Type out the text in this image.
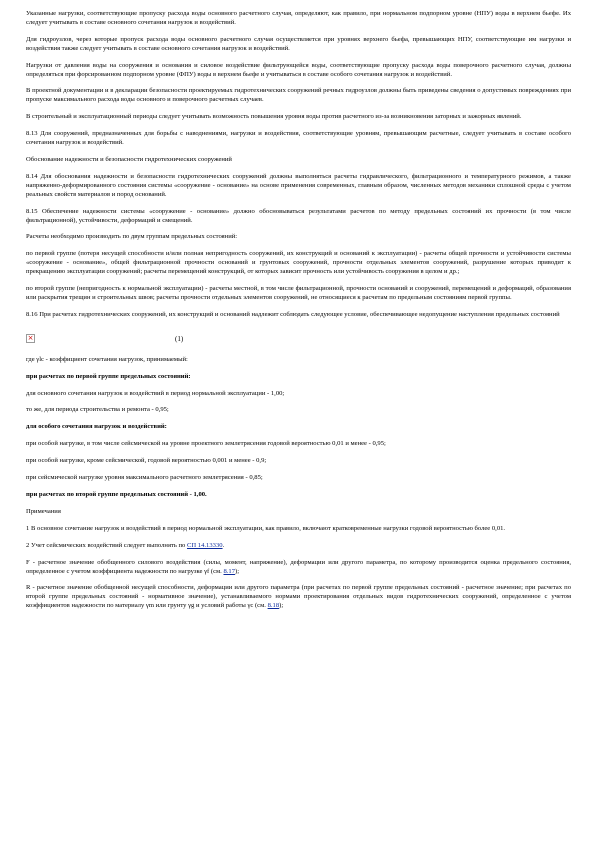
Указанные нагрузки, соответствующие пропуску расхода воды основного расчетного случая, определяют, как правило, при нормальном подпорном уровне (НПУ) воды в верхнем бьефе. Их следует учитывать в составе основного сочетания нагрузок и воздействий.

Для гидроузлов, через которые пропуск расхода воды основного расчетного случая осуществляется при уровнях верхнего бьефа, превышающих НПУ, соответствующие им нагрузки и воздействия также следует учитывать в составе основного сочетания нагрузок и воздействий.

Нагрузки от давления воды на сооружения и основания и силовое воздействие фильтрующейся воды, соответствующие пропуску расхода воды поверочного расчетного случая, должны определяться при форсированном подпорном уровне (ФПУ) воды в верхнем бьефе и учитываться в составе особого сочетания нагрузок и воздействий.

В проектной документации и в декларации безопасности проектируемых гидротехнических сооружений речных гидроузлов должны быть приведены сведения о допустимых повреждениях при пропуске максимального расхода воды основного и поверочного расчетных случаев.

В строительный и эксплуатационный периоды следует учитывать возможность повышения уровня воды против расчетного из-за возникновения заторных и зажорных явлений.

8.13 Для сооружений, предназначенных для борьбы с наводнениями, нагрузки и воздействия, соответствующие уровням, превышающим расчетные, следует учитывать в составе особого сочетания нагрузок и воздействий.

Обоснование надежности и безопасности гидротехнических сооружений

8.14 Для обоснования надежности и безопасности гидротехнических сооружений должны выполняться расчеты гидравлического, фильтрационного и температурного режимов, а также напряженно-деформированного состояния системы «сооружение - основание» на основе применения современных, главным образом, численных методов механики сплошной среды с учетом реальных свойств материалов и пород оснований.

8.15 Обеспечение надежности системы «сооружение - основание» должно обосновываться результатами расчетов по методу предельных состояний их прочности (в том числе фильтрационной), устойчивости, деформаций и смещений.

Расчеты необходимо производить по двум группам предельных состояний:

по первой группе (потеря несущей способности и/или полная непригодность сооружений, их конструкций и оснований к эксплуатации) - расчеты общей прочности и устойчивости системы «сооружение - основание», общей фильтрационной прочности оснований и грунтовых сооружений, прочности отдельных элементов сооружений, разрушение которых приводит к прекращению эксплуатации сооружений; расчеты перемещений конструкций, от которых зависит прочность или устойчивость сооружения в целом и др.;

по второй группе (непригодность к нормальной эксплуатации) - расчеты местной, в том числе фильтрационной, прочности оснований и сооружений, перемещений и деформаций, образования или раскрытия трещин и строительных швов; расчеты прочности отдельных элементов сооружений, не относящиеся к расчетам по предельным состояниям первой группы.

8.16 При расчетах гидротехнических сооружений, их конструкций и оснований надлежит соблюдать следующее условие, обеспечивающее недопущение наступления предельных состояний

×	(1)

где γlc - коэффициент сочетания нагрузок, принимаемый:

при расчетах по первой группе предельных состояний:

для основного сочетания нагрузок и воздействий в период нормальной эксплуатации - 1,00;

то же, для периода строительства и ремонта - 0,95;

для особого сочетания нагрузок и воздействий:

при особой нагрузке, в том числе сейсмической на уровне проектного землетрясения годовой вероятностью 0,01 и менее - 0,95;

при особой нагрузке, кроме сейсмической, годовой вероятностью 0,001 и менее - 0,9;

при сейсмической нагрузке уровня максимального расчетного землетрясения - 0,85;

при расчетах по второй группе предельных состояний - 1,00.

Примечания

1 В основное сочетание нагрузок и воздействий в период нормальной эксплуатации, как правило, включают кратковременные нагрузки годовой вероятностью более 0,01.

2 Учет сейсмических воздействий следует выполнять по СП 14.13330.

F - расчетное значение обобщенного силового воздействия (силы, момент, напряжение), деформации или другого параметра, по которому производится оценка предельного состояния, определенное с учетом коэффициента надежности по нагрузке γf (см. 8.17);

R - расчетное значение обобщенной несущей способности, деформации или другого параметра (при расчетах по первой группе предельных состояний - расчетное значение; при расчетах по второй группе предельных состояний - нормативное значение), устанавливаемого нормами проектирования отдельных видов гидротехнических сооружений, определенное с учетом коэффициентов надежности по материалу γm или грунту γg и условий работы γc (см. 8.18);
